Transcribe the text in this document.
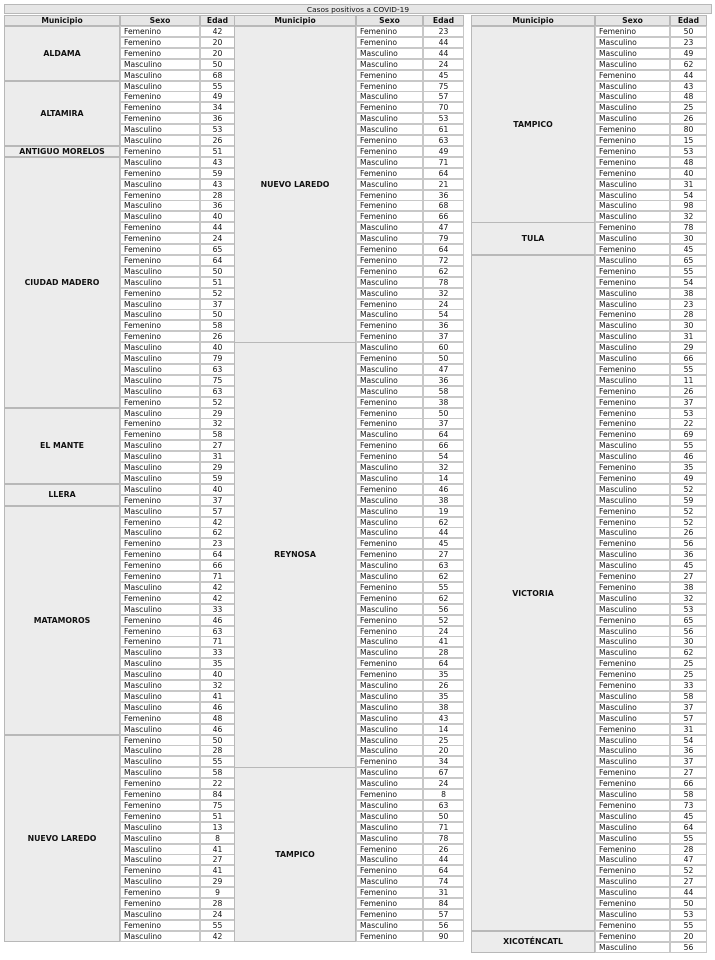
Casos positivos a COVID-19
Municipio	Sexo	Edad
ALDAMA
Femenino	42
Femenino	20
Femenino	20
Masculino	50
Masculino	68
ALTAMIRA
Masculino	55
Femenino	49
Femenino	34
Femenino	36
Masculino	53
Masculino	26
ANTIGUO MORELOS	Femenino	51
CIUDAD MADERO
Masculino	43
Femenino	59
Masculino	43
Femenino	28
Masculino	36
Masculino	40
Femenino	44
Femenino	24
Femenino	65
Femenino	64
Masculino	50
Masculino	51
Femenino	52
Masculino	37
Masculino	50
Femenino	58
Femenino	26
Masculino	40
Masculino	79
Masculino	63
Masculino	75
Masculino	63
Femenino	52
EL MANTE
Masculino	29
Femenino	32
Femenino	58
Masculino	27
Masculino	31
Masculino	29
Masculino	59
LLERA
Masculino	40
Femenino	37
MATAMOROS
Masculino	57
Femenino	42
Masculino	62
Femenino	23
Femenino	64
Femenino	66
Femenino	71
Masculino	42
Femenino	42
Masculino	33
Femenino	46
Femenino	63
Femenino	71
Masculino	33
Masculino	35
Masculino	40
Masculino	32
Masculino	41
Masculino	46
Femenino	48
Masculino	46
NUEVO LAREDO
Femenino	50
Masculino	28
Masculino	55
Masculino	58
Femenino	22
Femenino	84
Femenino	75
Femenino	51
Masculino	13
Masculino	8
Masculino	41
Masculino	27
Femenino	41
Masculino	29
Femenino	9
Femenino	28
Masculino	24
Femenino	55
Masculino	42
Municipio	Sexo	Edad
NUEVO LAREDO
Femenino	23
Femenino	44
Masculino	44
Masculino	24
Femenino	45
Femenino	75
Masculino	57
Femenino	70
Masculino	53
Masculino	61
Femenino	63
Femenino	49
Masculino	71
Femenino	64
Masculino	21
Femenino	36
Femenino	68
Femenino	66
Masculino	47
Masculino	79
Femenino	64
Femenino	72
Femenino	62
Masculino	78
Masculino	32
Femenino	24
Masculino	54
Femenino	36
Femenino	37
REYNOSA
Masculino	60
Femenino	50
Masculino	47
Masculino	36
Masculino	58
Femenino	38
Femenino	50
Femenino	37
Masculino	64
Femenino	66
Femenino	54
Masculino	32
Masculino	14
Femenino	46
Masculino	38
Masculino	19
Masculino	62
Masculino	44
Femenino	45
Femenino	27
Masculino	63
Masculino	62
Femenino	55
Femenino	62
Masculino	56
Femenino	52
Femenino	24
Masculino	41
Masculino	28
Femenino	64
Femenino	35
Masculino	26
Masculino	35
Masculino	38
Masculino	43
Masculino	14
Masculino	25
Masculino	20
Femenino	34
TAMPICO
Masculino	67
Masculino	24
Femenino	8
Masculino	63
Masculino	50
Masculino	71
Masculino	78
Femenino	26
Masculino	44
Femenino	64
Masculino	74
Femenino	31
Femenino	84
Femenino	57
Masculino	56
Femenino	90
Municipio	Sexo	Edad
TAMPICO
Femenino	50
Masculino	23
Masculino	49
Masculino	62
Femenino	44
Masculino	43
Masculino	48
Masculino	25
Masculino	26
Femenino	80
Femenino	15
Femenino	53
Femenino	48
Femenino	40
Masculino	31
Masculino	54
Masculino	98
Masculino	32
TULA
Femenino	78
Masculino	30
Femenino	45
VICTORIA
Masculino	65
Femenino	55
Femenino	54
Masculino	38
Masculino	23
Femenino	28
Masculino	30
Masculino	31
Masculino	29
Masculino	66
Femenino	55
Masculino	11
Femenino	26
Femenino	37
Femenino	53
Femenino	22
Femenino	69
Masculino	55
Masculino	46
Femenino	35
Femenino	49
Masculino	52
Masculino	59
Femenino	52
Femenino	52
Masculino	26
Femenino	56
Masculino	36
Masculino	45
Femenino	27
Femenino	38
Masculino	32
Masculino	53
Femenino	65
Masculino	56
Masculino	30
Masculino	62
Femenino	25
Femenino	25
Femenino	33
Masculino	58
Masculino	37
Masculino	57
Femenino	31
Masculino	54
Masculino	36
Masculino	37
Femenino	27
Femenino	66
Masculino	58
Femenino	73
Masculino	45
Masculino	64
Masculino	55
Femenino	28
Masculino	47
Femenino	52
Masculino	27
Masculino	44
Femenino	50
Masculino	53
Femenino	55
XICOTÉNCATL
Femenino	20
Masculino	56
